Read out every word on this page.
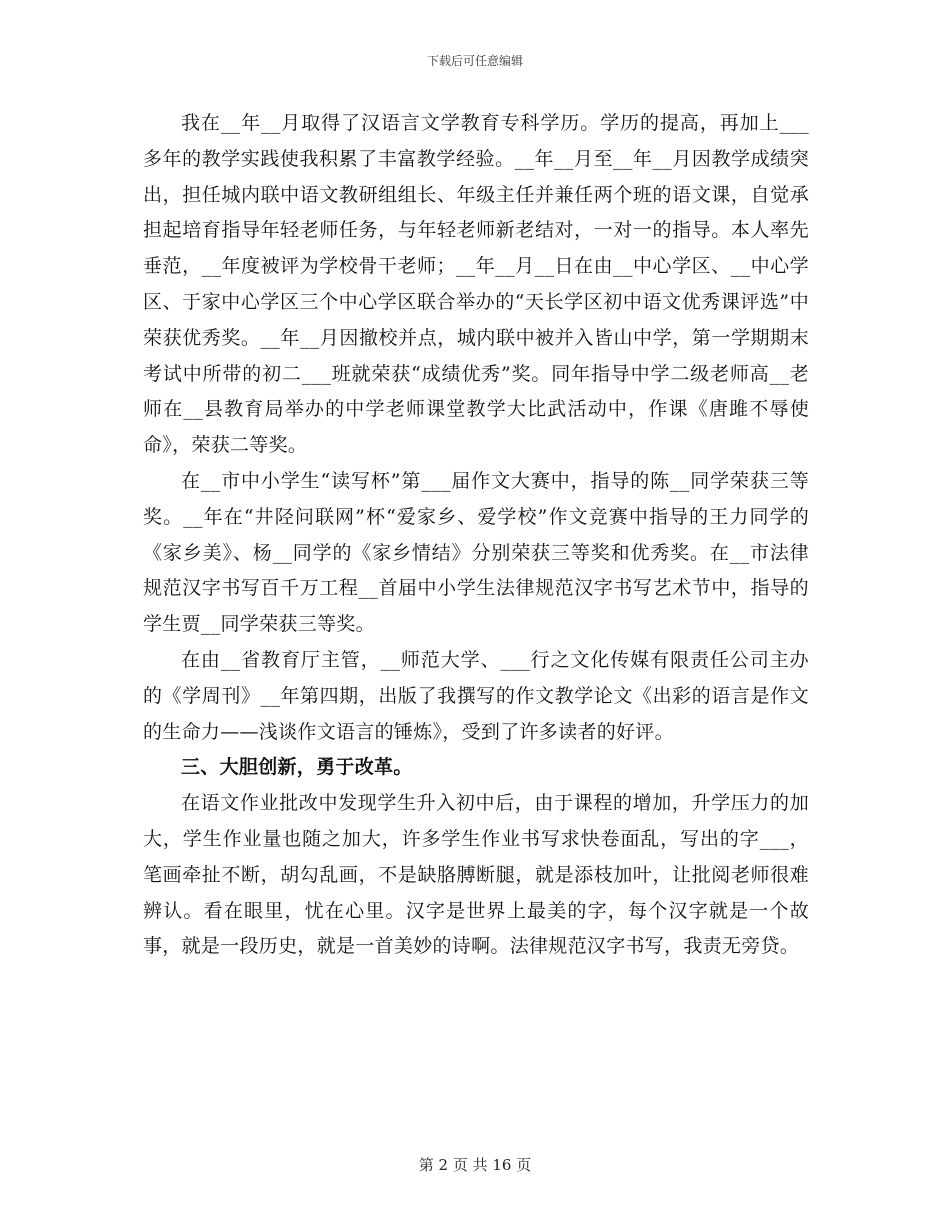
下载后可任意编辑

我在__年__月取得了汉语言文学教育专科学历。学历的提高，再加上___多年的教学实践使我积累了丰富教学经验。__年__月至__年__月因教学成绩突出，担任城内联中语文教研组组长、年级主任并兼任两个班的语文课，自觉承担起培育指导年轻老师任务，与年轻老师新老结对，一对一的指导。本人率先垂范，__年度被评为学校骨干老师；__年__月__日在由__中心学区、__中心学区、于家中心学区三个中心学区联合举办的“天长学区初中语文优秀课评选”中荣获优秀奖。__年__月因撤校并点，城内联中被并入皆山中学，第一学期期末考试中所带的初二___班就荣获“成绩优秀”奖。同年指导中学二级老师高__老师在__县教育局举办的中学老师课堂教学大比武活动中，作课《唐雎不辱使命》，荣获二等奖。

在__市中小学生“读写杯”第___届作文大赛中，指导的陈__同学荣获三等奖。__年在“井陉问联网”杯“爱家乡、爱学校”作文竞赛中指导的王力同学的《家乡美》、杨__同学的《家乡情结》分别荣获三等奖和优秀奖。在__市法律规范汉字书写百千万工程__首届中小学生法律规范汉字书写艺术节中，指导的学生贾__同学荣获三等奖。

在由__省教育厅主管，__师范大学、___行之文化传媒有限责任公司主办的《学周刊》__年第四期，出版了我撰写的作文教学论文《出彩的语言是作文的生命力——浅谈作文语言的锤炼》，受到了许多读者的好评。

三、大胆创新，勇于改革。

在语文作业批改中发现学生升入初中后，由于课程的增加，升学压力的加大，学生作业量也随之加大，许多学生作业书写求快卷面乱，写出的字___，笔画牵扯不断，胡勾乱画，不是缺胳膊断腿，就是添枝加叶，让批阅老师很难辨认。看在眼里，忧在心里。汉字是世界上最美的字，每个汉字就是一个故事，就是一段历史，就是一首美妙的诗啊。法律规范汉字书写，我责无旁贷。

第 2 页 共 16 页
